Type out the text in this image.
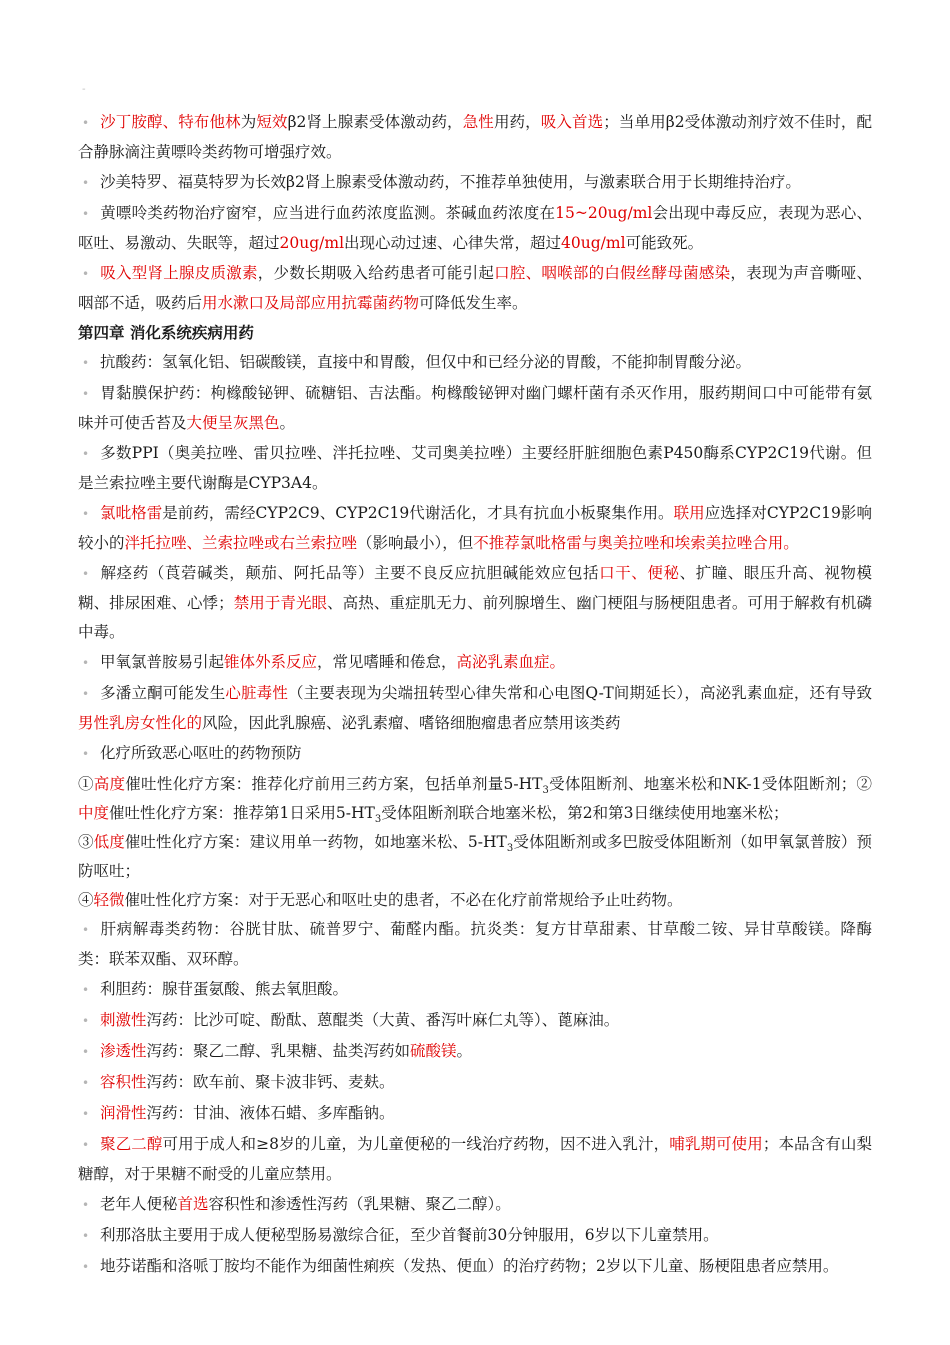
-
• 沙丁胺醇、特布他林为短效β2肾上腺素受体激动药，急性用药，吸入首选；当单用β2受体激动剂疗效不佳时，配合静脉滴注黄嘌呤类药物可增强疗效。
• 沙美特罗、福莫特罗为长效β2肾上腺素受体激动药，不推荐单独使用，与激素联合用于长期维持治疗。
• 黄嘌呤类药物治疗窗窄，应当进行血药浓度监测。茶碱血药浓度在15~20ug/ml会出现中毒反应，表现为恶心、呕吐、易激动、失眠等，超过20ug/ml出现心动过速、心律失常，超过40ug/ml可能致死。
• 吸入型肾上腺皮质激素，少数长期吸入给药患者可能引起口腔、咽喉部的白假丝酵母菌感染，表现为声音嘶哑、咽部不适，吸药后用水漱口及局部应用抗霉菌药物可降低发生率。
第四章 消化系统疾病用药
• 抗酸药：氢氧化铝、铝碳酸镁，直接中和胃酸，但仅中和已经分泌的胃酸，不能抑制胃酸分泌。
• 胃黏膜保护药：枸橼酸铋钾、硫糖铝、吉法酯。枸橼酸铋钾对幽门螺杆菌有杀灭作用，服药期间口中可能带有氨味并可使舌苔及大便呈灰黑色。
• 多数PPI（奥美拉唑、雷贝拉唑、泮托拉唑、艾司奥美拉唑）主要经肝脏细胞色素P450酶系CYP2C19代谢。但是兰索拉唑主要代谢酶是CYP3A4。
• 氯吡格雷是前药，需经CYP2C9、CYP2C19代谢活化，才具有抗血小板聚集作用。联用应选择对CYP2C19影响较小的泮托拉唑、兰索拉唑或右兰索拉唑（影响最小），但不推荐氯吡格雷与奥美拉唑和埃索美拉唑合用。
• 解痉药（莨菪碱类，颠茄、阿托品等）主要不良反应抗胆碱能效应包括口干、便秘、扩瞳、眼压升高、视物模糊、排尿困难、心悸；禁用于青光眼、高热、重症肌无力、前列腺增生、幽门梗阻与肠梗阻患者。可用于解救有机磷中毒。
• 甲氧氯普胺易引起锥体外系反应，常见嗜睡和倦怠，高泌乳素血症。
• 多潘立酮可能发生心脏毒性（主要表现为尖端扭转型心律失常和心电图Q-T间期延长），高泌乳素血症，还有导致男性乳房女性化的风险，因此乳腺癌、泌乳素瘤、嗜铬细胞瘤患者应禁用该类药
• 化疗所致恶心呕吐的药物预防
①高度催吐性化疗方案：推荐化疗前用三药方案，包括单剂量$5-HT_3$受体阻断剂、地塞米松和NK-1受体阻断剂；②中度催吐性化疗方案：推荐第1日采用$5-HT_3$受体阻断剂联合地塞米松，第2和第3日继续使用地塞米松；
③低度催吐性化疗方案：建议用单一药物，如地塞米松、$5-HT_3$受体阻断剂或多巴胺受体阻断剂（如甲氧氯普胺）预防呕吐；
④轻微催吐性化疗方案：对于无恶心和呕吐史的患者，不必在化疗前常规给予止吐药物。
• 肝病解毒类药物：谷胱甘肽、硫普罗宁、葡醛内酯。抗炎类：复方甘草甜素、甘草酸二铵、异甘草酸镁。降酶类：联苯双酯、双环醇。
• 利胆药：腺苷蛋氨酸、熊去氧胆酸。
• 刺激性泻药：比沙可啶、酚酞、蒽醌类（大黄、番泻叶麻仁丸等）、蓖麻油。
• 渗透性泻药：聚乙二醇、乳果糖、盐类泻药如硫酸镁。
• 容积性泻药：欧车前、聚卡波非钙、麦麸。
• 润滑性泻药：甘油、液体石蜡、多库酯钠。
• 聚乙二醇可用于成人和≥8岁的儿童，为儿童便秘的一线治疗药物，因不进入乳汁，哺乳期可使用；本品含有山梨糖醇，对于果糖不耐受的儿童应禁用。
• 老年人便秘首选容积性和渗透性泻药（乳果糖、聚乙二醇）。
• 利那洛肽主要用于成人便秘型肠易激综合征，至少首餐前30分钟服用，6岁以下儿童禁用。
• 地芬诺酯和洛哌丁胺均不能作为细菌性痢疾（发热、便血）的治疗药物；2岁以下儿童、肠梗阻患者应禁用。
